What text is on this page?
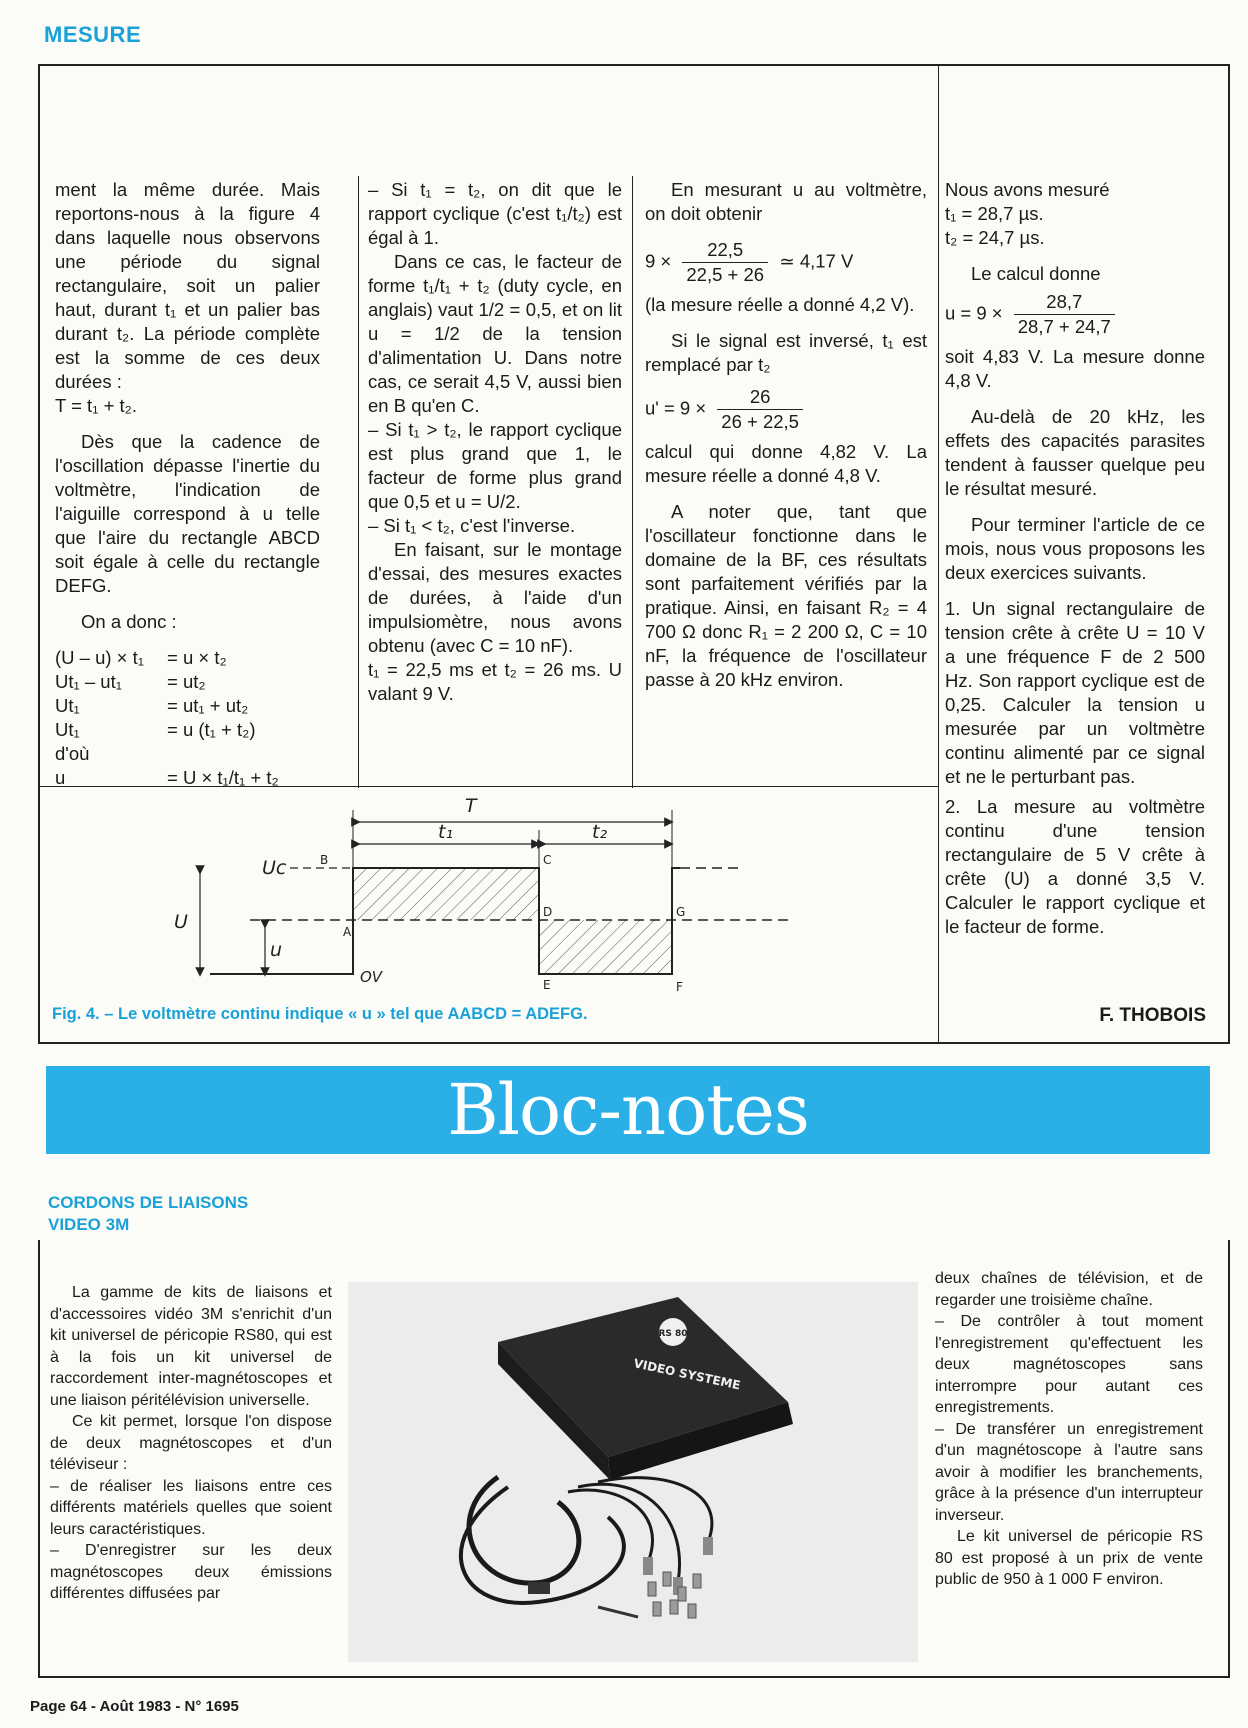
MESURE

ment la même durée. Mais reportons-nous à la figure 4 dans laquelle nous observons une période du signal rectangulaire, soit un palier haut, durant t₁ et un palier bas durant t₂. La période complète est la somme de ces deux durées :

T = t₁ + t₂.

Dès que la cadence de l'oscillation dépasse l'inertie du voltmètre, l'indication de l'aiguille correspond à u telle que l'aire du rectangle ABCD soit égale à celle du rectangle DEFG.

On a donc :

(U – u) × t₁	= u × t₂
Ut₁ – ut₁	= ut₂
Ut₁	= ut₁ + ut₂
Ut₁	= u (t₁ + t₂)
d'où
u	= U × t₁/t₁ + t₂

– Si t₁ = t₂, on dit que le rapport cyclique (c'est t₁/t₂) est égal à 1.

Dans ce cas, le facteur de forme t₁/t₁ + t₂ (duty cycle, en anglais) vaut 1/2 = 0,5, et on lit u = 1/2 de la tension d'alimentation U. Dans notre cas, ce serait 4,5 V, aussi bien en B qu'en C.

– Si t₁ > t₂, le rapport cyclique est plus grand que 1, le facteur de forme plus grand que 0,5 et u = U/2.

– Si t₁ < t₂, c'est l'inverse.

En faisant, sur le montage d'essai, des mesures exactes de durées, à l'aide d'un impulsiomètre, nous avons obtenu (avec C = 10 nF).

t₁ = 22,5 ms et t₂ = 26 ms. U valant 9 V.

En mesurant u au voltmètre, on doit obtenir

$9 \times \frac{22,5}{22,5 + 26}$ ≃ 4,17 V

(la mesure réelle a donné 4,2 V).

Si le signal est inversé, t₁ est remplacé par t₂

$u' = 9 \times \frac{26}{26 + 22,5}$

calcul qui donne 4,82 V. La mesure réelle a donné 4,8 V.

A noter que, tant que l'oscillateur fonctionne dans le domaine de la BF, ces résultats sont parfaitement vérifiés par la pratique. Ainsi, en faisant R₂ = 4 700 Ω donc R₁ = 2 200 Ω, C = 10 nF, la fréquence de l'oscillateur passe à 20 kHz environ.

Nous avons mesuré

t₁ = 28,7 µs.

t₂ = 24,7 µs.

Le calcul donne

$u = 9 \times \frac{28,7}{28,7 + 24,7}$

soit 4,83 V. La mesure donne 4,8 V.

Au-delà de 20 kHz, les effets des capacités parasites tendent à fausser quelque peu le résultat mesuré.

Pour terminer l'article de ce mois, nous vous proposons les deux exercices suivants.

1. Un signal rectangulaire de tension crête à crête U = 10 V a une fréquence F de 2 500 Hz. Son rapport cyclique est de 0,25. Calculer la tension u mesurée par un voltmètre continu alimenté par ce signal et ne le perturbant pas.

2. La mesure au voltmètre continu d'une tension rectangulaire de 5 V crête à crête (U) a donné 3,5 V. Calculer le rapport cyclique et le facteur de forme.

T
t₁	t₂
Uc
U
u
OV
A
B	C
D
E	F
G
Fig. 4. – Le voltmètre continu indique « u » tel que AABCD = ADEFG.	F. THOBOIS
Bloc-notes
CORDONS DE LIAISONS
VIDEO 3M

La gamme de kits de liaisons et d'accessoires vidéo 3M s'enrichit d'un kit universel de péricopie RS80, qui est à la fois un kit universel de raccordement inter-magnétoscopes et une liaison péritélévision universelle.

Ce kit permet, lorsque l'on dispose de deux magnétoscopes et d'un téléviseur :

– de réaliser les liaisons entre ces différents matériels quelles que soient leurs caractéristiques.

– D'enregistrer sur les deux magnétoscopes deux émissions différentes diffusées par

RS 80
VIDEO SYSTEME

deux chaînes de télévision, et de regarder une troisième chaîne.

– De contrôler à tout moment l'enregistrement qu'effectuent les deux magnétoscopes sans interrompre pour autant ces enregistrements.

– De transférer un enregistrement d'un magnétoscope à l'autre sans avoir à modifier les branchements, grâce à la présence d'un interrupteur inverseur.

Le kit universel de péricopie RS 80 est proposé à un prix de vente public de 950 à 1 000 F environ.

Page 64 - Août 1983 - N° 1695
